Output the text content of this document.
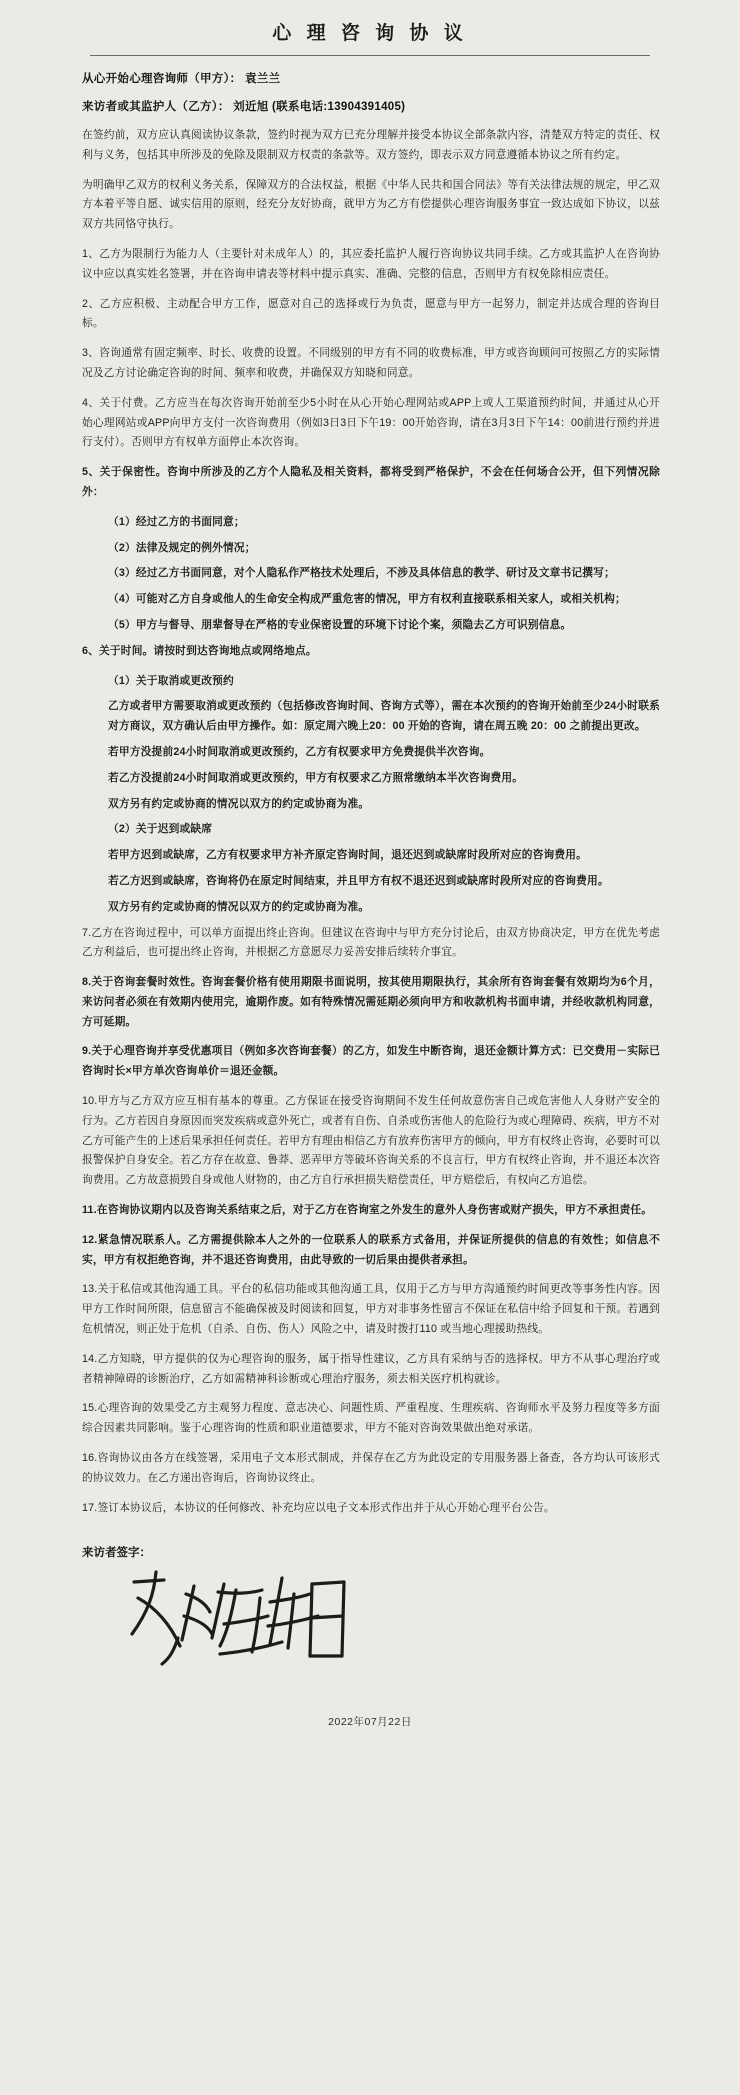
心 理 咨 询 协 议
从心开始心理咨询师（甲方）： 袁兰兰
来访者或其监护人（乙方）： 刘近旭 (联系电话:13904391405)
在签约前，双方应认真阅读协议条款，签约时视为双方已充分理解并接受本协议全部条款内容，清楚双方特定的责任、权利与义务，包括其申所涉及的免除及限制双方权责的条款等。双方签约，即表示双方同意遵循本协议之所有约定。
为明确甲乙双方的权利义务关系，保障双方的合法权益，根据《中华人民共和国合同法》等有关法律法规的规定，甲乙双方本着平等自愿、诚实信用的原则，经充分友好协商，就甲方为乙方有偿提供心理咨询服务事宜一致达成如下协议，以兹双方共同恪守执行。
1、乙方为限制行为能力人（主要针对未成年人）的，其应委托监护人履行咨询协议共同手续。乙方或其监护人在咨询协议中应以真实姓名签署，并在咨询申请表等材料中提示真实、准确、完整的信息，否则甲方有权免除相应责任。
2、乙方应积极、主动配合甲方工作，愿意对自己的选择或行为负责，愿意与甲方一起努力，制定并达成合理的咨询目标。
3、咨询通常有固定频率、时长、收费的设置。不同级别的甲方有不同的收费标准，甲方或咨询顾问可按照乙方的实际情况及乙方讨论确定咨询的时间、频率和收费，并确保双方知晓和同意。
4、关于付费。乙方应当在每次咨询开始前至少5小时在从心开始心理网站或APP上或人工渠道预约时间，并通过从心开始心理网站或APP向甲方支付一次咨询费用（例如3日3日下午19：00开始咨询，请在3月3日下午14：00前进行预约并进行支付）。否则甲方有权单方面停止本次咨询。
5、关于保密性。咨询中所涉及的乙方个人隐私及相关资料，都将受到严格保护，不会在任何场合公开，但下列情况除外：
（1）经过乙方的书面同意；
（2）法律及规定的例外情况；
（3）经过乙方书面同意，对个人隐私作严格技术处理后，不涉及具体信息的教学、研讨及文章书记撰写；
（4）可能对乙方自身或他人的生命安全构成严重危害的情况，甲方有权利直接联系相关家人，或相关机构；
（5）甲方与督导、朋辈督导在严格的专业保密设置的环境下讨论个案，须隐去乙方可识别信息。
6、关于时间。请按时到达咨询地点或网络地点。
（1）关于取消或更改预约
乙方或者甲方需要取消或更改预约（包括修改咨询时间、咨询方式等），需在本次预约的咨询开始前至少24小时联系对方商议，双方确认后由甲方操作。如：原定周六晚上20：00 开始的咨询，请在周五晚 20：00 之前提出更改。
若甲方没提前24小时间取消或更改预约，乙方有权要求甲方免费提供半次咨询。
若乙方没提前24小时间取消或更改预约，甲方有权要求乙方照常缴纳本半次咨询费用。
双方另有约定或协商的情况以双方的约定或协商为准。
（2）关于迟到或缺席
若甲方迟到或缺席，乙方有权要求甲方补齐原定咨询时间，退还迟到或缺席时段所对应的咨询费用。
若乙方迟到或缺席，咨询将仍在原定时间结束，并且甲方有权不退还迟到或缺席时段所对应的咨询费用。
双方另有约定或协商的情况以双方的约定或协商为准。
7.乙方在咨询过程中，可以单方面提出终止咨询。但建议在咨询中与甲方充分讨论后，由双方协商决定，甲方在优先考虑乙方利益后，也可提出终止咨询，并根据乙方意愿尽力妥善安排后续转介事宜。
8.关于咨询套餐时效性。咨询套餐价格有使用期限书面说明，按其使用期限执行，其余所有咨询套餐有效期均为6个月，来访问者必须在有效期内使用完，逾期作废。如有特殊情况需延期必须向甲方和收款机构书面申请，并经收款机构同意，方可延期。
9.关于心理咨询并享受优惠项目（例如多次咨询套餐）的乙方，如发生中断咨询，退还金额计算方式：已交费用－实际已咨询时长×甲方单次咨询单价＝退还金额。
10.甲方与乙方双方应互相有基本的尊重。乙方保证在接受咨询期间不发生任何故意伤害自己或危害他人人身财产安全的行为。乙方若因自身原因而突发疾病或意外死亡，或者有自伤、自杀或伤害他人的危险行为或心理障碍、疾病，甲方不对乙方可能产生的上述后果承担任何责任。若甲方有理由相信乙方有放弃伤害甲方的倾向，甲方有权终止咨询，必要时可以报警保护自身安全。若乙方存在故意、鲁莽、恶弄甲方等破坏咨询关系的不良言行，甲方有权终止咨询，并不退还本次咨询费用。乙方故意损毁自身或他人财物的，由乙方自行承担损失赔偿责任，甲方赔偿后，有权向乙方追偿。
11.在咨询协议期内以及咨询关系结束之后，对于乙方在咨询室之外发生的意外人身伤害或财产损失，甲方不承担责任。
12.紧急情况联系人。乙方需提供除本人之外的一位联系人的联系方式备用，并保证所提供的信息的有效性；如信息不实，甲方有权拒绝咨询，并不退还咨询费用，由此导致的一切后果由提供者承担。
13.关于私信或其他沟通工具。平台的私信功能或其他沟通工具，仅用于乙方与甲方沟通预约时间更改等事务性内容。因甲方工作时间所限，信息留言不能确保被及时阅读和回复，甲方对非事务性留言不保证在私信中给予回复和干预。若遇到危机情况，则正处于危机（自杀、自伤、伤人）风险之中，请及时拨打110 或当地心理援助热线。
14.乙方知晓，甲方提供的仅为心理咨询的服务，属于指导性建议，乙方具有采纳与否的选择权。甲方不从事心理治疗或者精神障碍的诊断治疗，乙方如需精神科诊断或心理治疗服务，须去相关医疗机构就诊。
15.心理咨询的效果受乙方主观努力程度、意志决心、问题性质、严重程度、生理疾病、咨询师水平及努力程度等多方面综合因素共同影响。鉴于心理咨询的性质和职业道德要求，甲方不能对咨询效果做出绝对承诺。
16.咨询协议由各方在线签署，采用电子文本形式制成，并保存在乙方为此设定的专用服务器上备查，各方均认可该形式的协议效力。在乙方递出咨询后，咨询协议终止。
17.签订本协议后，本协议的任何修改、补充均应以电子文本形式作出并于从心开始心理平台公告。
来访者签字：
2022年07月22日
